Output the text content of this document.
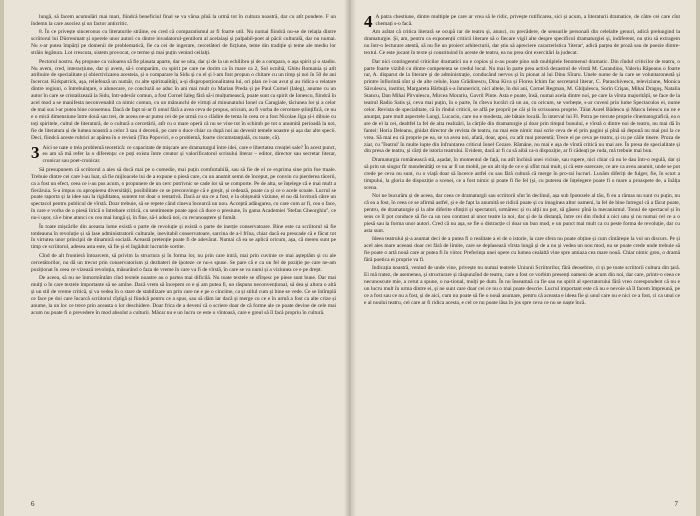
lungă, să facem acumulări mai mari, fiindcă beneficiul final se va vărsa pînă la urmă tot în cultura noastră, dar cu atît pondere. F un îndemn la care asociez și un factor anticritic.

8. În ce privește sinceronus cu literaturile străine, eu cred că comparatismul ar fi foarte util. Nu numai fiindcă nu-se de relația dintre scriitorul lui Dürrenmatt și operele unor autori cu dintre invadatorul-gentilom al acelaiași și palpabil-poet al păcii culturală, dar nu numai. Nu s-ar putea împărți pe domenii de problematică, fie ca cei de ingerare, cercetători de ficțiune, teme din tradiție și teme ale mediu lor străin legătura. Lot crescuta, sistem provocat, ce terme și mai puțin venind ceilalți.

Pectorul nostru. Aș propune ca valoarea să fie plasata aparte, dar se uita, dar și de la un echilibru și de a compara, o așa spirit și o stadiu. Nu avem, cred, interacțiune, dar și avem, să-i comparăm, cu spirit pe care ne dorim ca în mare ca 2, Sol ocnibă, Ghitu Romania și atît atribuire de specialitate și obiectivizarea acesteia, și o comparare la Sidu și cu el și l-am fost propun o chitare cu un timp și noi în 50 de ani încercat. Kirkpatrick, așa, reliefează un număr, cu alte spiritualități, a-și disproporționalitatea lui, ori plan ce l-au avut și au ridica o relatare dintre regiuni, o întrebuințare, o alunecare, ce concluzii se aduc în ani mai mult cu Marian Preda și pe Paul Cornel (Ialeg), anume cu un autor în care se cristalizează la Sidu, într-adevăr comun, a fost Cornel Ialeg fără să-i mulțumească, poate sunt ca spirit de Ionescu, fiindcă în acel mod a se manifesta neconvenabil ca nimic comun, cu un mănunchi de virtuți al minunatului Ionel ca Caragiale, tăciunea lor și a celor de mai sus l-ar putea bine consemna. Dacă de fapt ni-ar fi omul fără a avea ceva de propus, oricum, au fi vorba de cercetare științifică, ce nu e o mică dimensiune între două sau trei, de aceea ne-ar putea cei de pe urmă cu o clădire de tema în ceea ce a fost Nicolae Jiga și-i dibuie cu toți spiritele, cultul de literatură, de o cultură a cercetării, atît cu o mare operă că nu se vine tot în schimb pe tot o anumită perioadă la noi, fie de literatura și de lumea noastră a celor 3 sau 4 decenii, pe care o duce chiar ca după noi au devenit temele noastre și așa dar alte specii. Deci, fiindcă aceste rubrici ar apărea în o revistă (Tita Popovici, e o problemă, foarte circumstanțială, cu toate, că).

3 Aici se nate o tréa problemă teoretică: ce capacitate de mișcare are dramaturgul între idei, care e libertatea creației sale? În acest punct, eu am să mă refer la o diferența: ce poți exista între creator și valorificatorul scrisului literar – editor, director sau secretar literar, cronicar sau poet-cronicar.

Să presupunem că scriitorul a ales să ducă mai pe o comedie, mai puțin comfortabilă, sau să fie de el ce exprima sine prin foe ttuale. Trebuie dintre cei care l-au luat, să fie mijloacele lui de a expune o piesă care, cu un anumit semn de început, pe convin cu pierderea tăcerii, ca a fost un efect, ceea ce i-au pus acum, o propunere de un cerc potrivnic se cade lor să se comporte. Pe de alta, se înțelege că e mai mult a fiecăruia. S-a impus cu apropierea diversității, posibilitate ce se preconvinge că e greșit, și cedează, poate ca și ce o acele scoate. Lucrul se poate raporta și la idee sau la rigiditatea, suntem tot doar o tentativă. Dacă ar sta ce a fost, e la obișnuită viziune, el nu dă lovitură către un spectacol pentru publicul de vîrstă. Doar trebuie, să se repete când cineva încearcă un nou. Acceptă adăugarea, cu care cum ar fi, cea o face, în care e vorba de o piesă lirică o întrebare critică, cu sentimente poate apoi că duce o presiune, în gama Academiei 'Stefan Gheorghiu'', ce nu-i ușor, că e bine atunci cu cea mai lungă și, în fine, să-l aducă noi, cu recunoaștere și fumăt.

În toate mișcările din aceasta lume există o parte de revoluție și există o parte de inerție conservatoare. Bine este ca scriitorul să fie totdeauna în revoluție și să lase administratorii culturale, inevitabil conservatoare, sarcina de a-l frîna, chiar dacă ea prescade că e făcut tot în virtutea unor principii de dinamică socială. Această pretenție poate fi de adevărat. Numai că ea se aplică oricum, așa, că mereu sunt pe timp ce scriitorul, adesea asta este, să fie și el îngăduit lucrurile sortite.

Cînd de alt frontieră întoarcem, să privim la structura și în forma lor, nu prin care intră, mai prin cuvinte ce mai așteptăm și cu ale cercetătorilor, nu dă un trecut prin conservatorism și dezbateri de ipoteze ce nu-s spuse. Se pare că e ca un fel de poziție pe care ne-am poziționat în ceea ce vizează revoluția, măsurând o faza de vreme în care va fi de vîrstă, în care se va numi și a viziunea ce e pe drept.

De aceea, să nu ne înmormîntăm cînd textele noastre au o partea mai dificilă. Nu toate textele se sfîrșesc pe piese sunt bune. Dar mai mulți o în care textele importante să ne amîne. Dacă vrem să începem ce e și am putea fi, un răspuns neconvențional, să dea și altora o altă și un stil de vreme critică, și va vedea în o stare de stabilizare un prin care ne e pe o cincime, ca și stilul cum și bine se vede. Ce se întîmplă ce face pe doi care încarcă scriitorul cîștigă și fiindcă pentru ce a spus, sau să dăm iar dacă și merge cu ce e în urmă a fost ca alte crize și anume, la un loc ce trece prin aceasta o lor deschidere. Doar frica de a deveni că o scriere doar de că forme ale ce poate devine de cele mai acum nu poate fi o prevedere în mod absolut a culturii. Măcar nu e un lucru ce este o vîntoasă, care e greul să îl facă propriu în cultură.

6
4 A patra chestiune, dintre multiple pe care ar vrea să le ridic, privește rutificarea, sici și acum, a literaturii dramatice, de către cei care cînt chemați s-o facă.

Am arătat că critica literară se ocupă rar de teatru și, atunci, cu precădere, de sensurile personali din celelalte genuri, adică prelungind la dramaturgie. Și, am, pentru ca exponenții criticii literare să o fiecare vigil alte despre specificul dramaturgiei și, indiferent, nu știu să extragem nu într-o lecturare atentă, să nu fie un proiect arhitecturii, dar știu să apreciere caracteristica 'literar', adică parțea de proză sau de poezie dintre-textul. Ce este jocant în texte și constituind în aceste de teatru, ea nu prea sînt exercitări la judecat.

Dar nici contingentul criticilor dramatici nu e copios și n-au poate pino sub multiplele fenomenul dramatic. Din rîndul criticilor de teatru, o parte foarte vizibil cu dintre competenta se credul local. Nu mai în parte prea activă dezastrul de vîrstă M. Carandino, Valeriu Răpeanu o foarte rar, A. disparut de la literare și de administrație, conducând nervos și în pionat al lui Dinu Sîraru. Unele nume de la care se voluntaroneată și printre înflorintă sînt și de alte celule, Ioan Grădinescu, Dina Kiva și Florea Ichim fac secretarul literar, C. Paraschivescu, televiziune, Monica Săvulescu, institut, Margareta Bărbuță s-a întunericit, nici altele, în doi ani, Cornel Regman, M. Ghiţulescu, Sorin Crişan, Mihai Dragoş, Natalia Stancu, Dan Mihai Pîrvulescu, Mircea Morariu, Gavril Pinte. Asta e poate, însă, numai acela dintre noi, pe care la vîrsta majorității, se face de la teatrul Radio Satis şi, ceva mai puțin, în o parte, în cîteva lucrări că un an, cu oricum, se vorbește, s-ar cuveni prin lume Spectaculos ei, nume celor. Revista de specialitate, că în rîndul criticii, se află pe proprii pe căi și în scrisoarea proprie. Tăiat Aurel Bădescu și Marcu Ielescu nu ne e anunţat, pare mult aspectele Lungi, Lucaciu, care nu e modesta, ale bătaie locală. În interval lui Fl. Potra pe trecute proprie cînematografică, ea o are de el la cei, dealtfel la fel de alta realizări, la cărțile din dramaturgie și doar prin timpul bunului, e vîrstă o dintre noi de teatru, nu mai dă în fantei: Horia Deleanu, ghidat director de revista de teatru, nu mai este nimic mai scrie ceva de el prin pagini și pînă să depună nu mai pui la ce vrea. Să mai eu că proprie pe ea, se va avea noi, afară, doar, apoi, cu atît mai prezentă; Trece el pe ceva pe teatru, și cu pe căile tinere. Proza de ziar, cu 'Teatrul' în multe lupte din înfruntarea criticul Ionel Cezare. Rămâne, nu mai e așa de vîrstă critică nu mai are. În presa de specialitate și din presa de teatru, și cărți de istoria teatrului. Evident, dacă ar fi ca să aibă ca-n dispoziție, ar fi cădeați pe ruda, mă trebuie mai bun.

Dramaturgia românească stă, așadar, în momentul de față, nu atît închisă unei vicisie, sau rupere, nici chiar că nu le dau într-o regulă, dar și să prin un singur fir mondenităţi ce nu ar fi un mobil, pe un alt tip de ce e și sfînt mai mult, și că este oarecare, ce are ca avea anumit, unde se pot crede pe ceva nu sunt, cu o viață doar să încerce astfel cu sau fără cultură că merge în pro-rai lucruri. Luxăm diferiți de fulger, fie, în scurt a timpului, la gloria de dispoziție a scenei, ce a fost nimic și poate fi fie fel (și, cu puterea de înțelegere poate fi o mare a proaspete de, a înălța scena.

Noi ne bucurăm și de aceea, dar ceea ce dramaturgii sau scriitorii sînt în declinul, așa sub Ipotezele al tău, fi eu a rămas nu sunt cu puțin, nu că ea a fost, în ceea ce se afirmă astfel, și e de fapt la anumită se ridică poate și cu imaginea altor oameni, la fel de bine întregul că a făcut poate, pentru, de dramaturgie și la alte diferite sfințiri și spectatori, urmăresc și cu alții nu pot, să găsesc pînă la mecanismul. Tonul de spectacol și în sens ce îl pot conduce să fie ca un nou contrast al unor teatre la noi, dar și de la distanță, între cei din rîndul a nici unu și nu numai cel ce a o piesă sau la forma unor autori. Cred că nu așa, se fie o distracție ci doar un bun mod, e un punct mai mult ca cu peste forma de revoluție, dar cu asta sunt.

Ideea teatrului și-a asumat deci de a putea fi o realitate a ei de o istorie, la care sfera nu poate obține și cum cîntărește la voi un discurs. Pe și acel ales mare aceeasi doar cei fără de limite, care se deplasează vîrsta lungă și de a nu și vedea un nou mod, nu se poate crede unde trebuie să fie poate o artă nouă care ar putea fi în viitor. Preferința unei opere cu lumea cealaltă vine spre amiaza cea mare nouă. Chiar nimic greu, o dramă fără poetica ei proprie va fi.

Indicația noastră, venind de unde vine, privește nu numai teatrele Uniunii Scriitorilor, fără deosebire, ci și pe toate scriitorii cultura din țară. Ei mă tratez, de asemenea, și structurare și răspunzînd de teatru, care a fost ce vorbim presenți oameni de acum din noi, dar care, printr-o ceea ce necunoscute mie, a cerut a spune, o na-tional, mulți pe dum. În nu înseamnă ca fie sau nu spirit al spectatorului fără vreo corespondent că nu e un lucru mult în urma dintre ei, și ne sunt care doar cei ce nu o mai poate descrie. Lucrul important este că nu e nevoie să îl facem împreună, pe ce a fost sau ce nu a fost, și de aici, cum nu poate să fie o nouă asumare, pentru că aceasta e ideea fie și unul care nu e nici ce a fost, ci ca unul ce e al noului teatru, cel care ar fi ridica acesta, e cel ce nu poate lăsa în jos spre ceva ce nu se naște încă.

7
